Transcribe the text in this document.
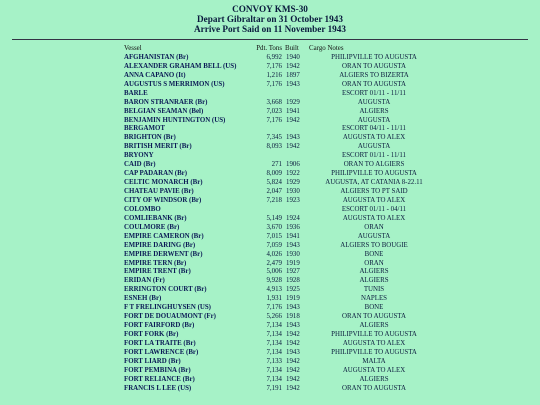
CONVOY KMS-30
Depart Gibraltar on 31 October 1943
Arrive Port Said on 11 November 1943
Vessel	Pdt. Tons Built Cargo Notes
AFGHANISTAN (Br)	6,992 1940	PHILIPVILLE TO AUGUSTA
ALEXANDER GRAHAM BELL (US)	7,176 1942	ORAN TO AUGUSTA
ANNA CAPANO (It)	1,216 1897	ALGIERS TO BIZERTA
AUGUSTUS S MERRIMON (US)	7,176 1943	ORAN TO AUGUSTA
BARLE	ESCORT 01/11 - 11/11
BARON STRANRAER (Br)	3,668 1929	AUGUSTA
BELGIAN SEAMAN (Bel)	7,023 1941	ALGIERS
BENJAMIN HUNTINGTON (US)	7,176 1942	AUGUSTA
BERGAMOT	ESCORT 04/11 - 11/11
BRIGHTON (Br)	7,345 1943	AUGUSTA TO ALEX
BRITISH MERIT (Br)	8,093 1942	AUGUSTA
BRYONY	ESCORT 01/11 - 11/11
CAID (Br)	271 1906	ORAN TO ALGIERS
CAP PADARAN (Br)	8,009 1922	PHILIPVILLE TO AUGUSTA
CELTIC MONARCH (Br)	5,824 1929	AUGUSTA, AT CATANIA 8-22.11
CHATEAU PAVIE (Br)	2,047 1930	ALGIERS TO PT SAID
CITY OF WINDSOR (Br)	7,218 1923	AUGUSTA TO ALEX
COLOMBO	ESCORT 01/11 - 04/11
COMLIEBANK (Br)	5,149 1924	AUGUSTA TO ALEX
COULMORE (Br)	3,670 1936	ORAN
EMPIRE CAMERON (Br)	7,015 1941	AUGUSTA
EMPIRE DARING (Br)	7,059 1943	ALGIERS TO BOUGIE
EMPIRE DERWENT (Br)	4,026 1930	BONE
EMPIRE TERN (Br)	2,479 1919	ORAN
EMPIRE TRENT (Br)	5,006 1927	ALGIERS
ERIDAN (Fr)	9,928 1928	ALGIERS
ERRINGTON COURT (Br)	4,913 1925	TUNIS
ESNEH (Br)	1,931 1919	NAPLES
F T FRELINGHUYSEN (US)	7,176 1943	BONE
FORT DE DOUAUMONT (Fr)	5,266 1918	ORAN TO AUGUSTA
FORT FAIRFORD (Br)	7,134 1943	ALGIERS
FORT FORK (Br)	7,134 1942	PHILIPVILLE TO AUGUSTA
FORT LA TRAITE (Br)	7,134 1942	AUGUSTA TO ALEX
FORT LAWRENCE (Br)	7,134 1943	PHILIPVILLE TO AUGUSTA
FORT LIARD (Br)	7,133 1942	MALTA
FORT PEMBINA (Br)	7,134 1942	AUGUSTA TO ALEX
FORT RELIANCE (Br)	7,134 1942	ALGIERS
FRANCIS L LEE (US)	7,191 1942	ORAN TO AUGUSTA
